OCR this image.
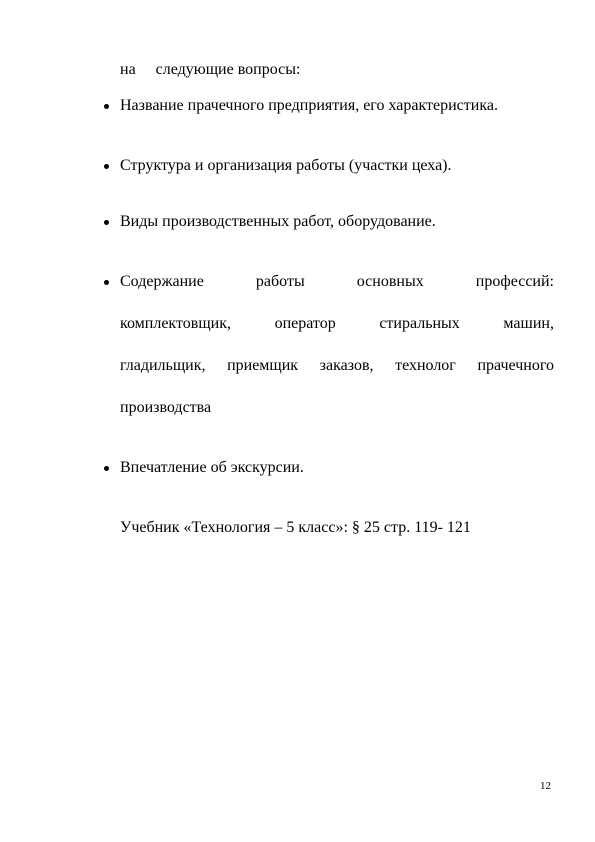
на     следующие вопросы:
Название прачечного предприятия, его характеристика.
Структура и организация работы (участки цеха).
Виды производственных работ, оборудование.
Содержание	работы	основных	профессий:
комплектовщик,	оператор	стиральных	машин,
гладильщик, приемщик заказов, технолог прачечного
производства
Впечатление об экскурсии.
Учебник «Технология – 5 класс»: § 25 стр. 119- 121
12
